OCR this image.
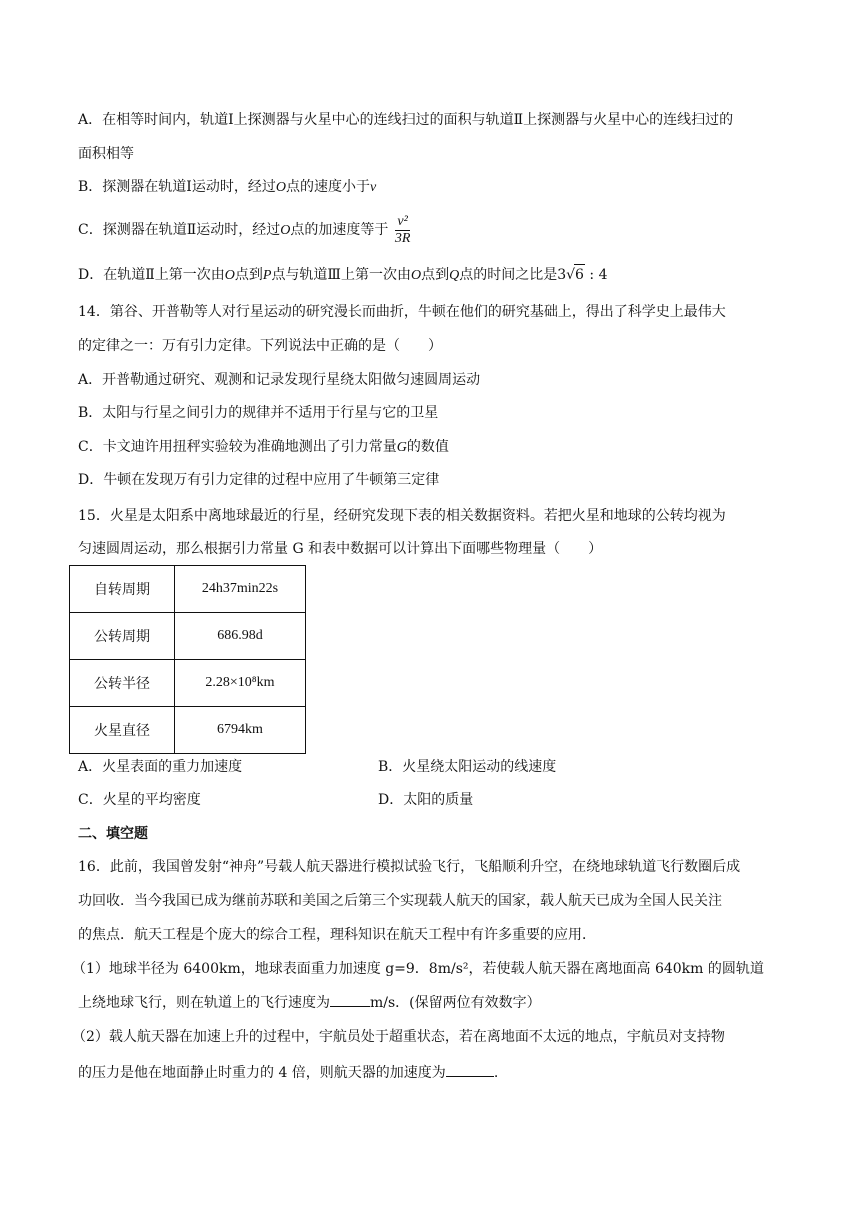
A．在相等时间内，轨道Ⅰ上探测器与火星中心的连线扫过的面积与轨道Ⅱ上探测器与火星中心的连线扫过的
面积相等
B．探测器在轨道Ⅰ运动时，经过O点的速度小于v
C．探测器在轨道Ⅱ运动时，经过O点的加速度等于 $\frac{\text{v²}}{3R}$
D．在轨道Ⅱ上第一次由O点到P点与轨道Ⅲ上第一次由O点到Q点的时间之比是3√6 : 4
14．第谷、开普勒等人对行星运动的研究漫长而曲折，牛顿在他们的研究基础上，得出了科学史上最伟大
的定律之一：万有引力定律。下列说法中正确的是（　　）
A．开普勒通过研究、观测和记录发现行星绕太阳做匀速圆周运动
B．太阳与行星之间引力的规律并不适用于行星与它的卫星
C．卡文迪许用扭秤实验较为准确地测出了引力常量G的数值
D．牛顿在发现万有引力定律的过程中应用了牛顿第三定律
15．火星是太阳系中离地球最近的行星，经研究发现下表的相关数据资料。若把火星和地球的公转均视为
匀速圆周运动，那么根据引力常量 G 和表中数据可以计算出下面哪些物理量（　　）
自转周期	24h37min22s
公转周期	686.98d
公转半径	2.28×10⁸km
火星直径	6794km
A．火星表面的重力加速度	B．火星绕太阳运动的线速度
C．火星的平均密度	D．太阳的质量
二、填空题
16．此前，我国曾发射“神舟”号载人航天器进行模拟试验飞行，飞船顺利升空，在绕地球轨道飞行数圈后成
功回收．当今我国已成为继前苏联和美国之后第三个实现载人航天的国家，载人航天已成为全国人民关注
的焦点．航天工程是个庞大的综合工程，理科知识在航天工程中有许多重要的应用．
（1）地球半径为 6400km，地球表面重力加速度 g=9．8m/s²，若使载人航天器在离地面高 640km 的圆轨道
上绕地球飞行，则在轨道上的飞行速度为	m/s．(保留两位有效数字）
（2）载人航天器在加速上升的过程中，宇航员处于超重状态，若在离地面不太远的地点，宇航员对支持物
的压力是他在地面静止时重力的 4 倍，则航天器的加速度为	.
